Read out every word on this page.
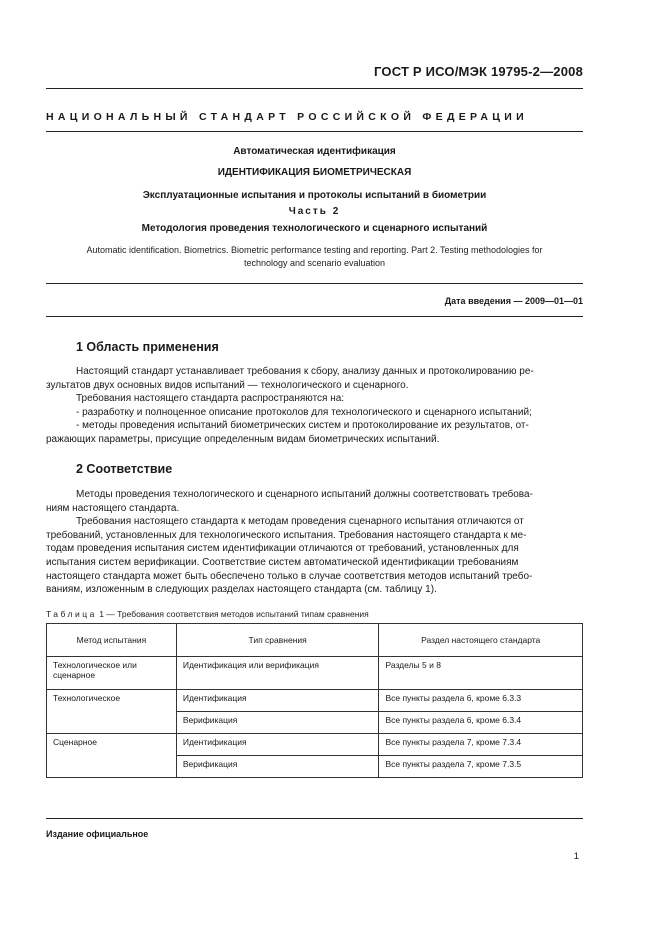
ГОСТ Р ИСО/МЭК 19795-2—2008
НАЦИОНАЛЬНЫЙ СТАНДАРТ РОССИЙСКОЙ ФЕДЕРАЦИИ
Автоматическая идентификация
ИДЕНТИФИКАЦИЯ БИОМЕТРИЧЕСКАЯ
Эксплуатационные испытания и протоколы испытаний в биометрии
Часть 2
Методология проведения технологического и сценарного испытаний
Automatic identification. Biometrics. Biometric performance testing and reporting. Part 2. Testing methodologies for
technology and scenario evaluation
Дата введения — 2009—01—01
1 Область применения
Настоящий стандарт устанавливает требования к сбору, анализу данных и протоколированию ре-
зультатов двух основных видов испытаний — технологического и сценарного.
Требования настоящего стандарта распространяются на:
- разработку и полноценное описание протоколов для технологического и сценарного испытаний;
- методы проведения испытаний биометрических систем и протоколирование их результатов, от-
ражающих параметры, присущие определенным видам биометрических испытаний.
2 Соответствие
Методы проведения технологического и сценарного испытаний должны соответствовать требова-
ниям настоящего стандарта.
Требования настоящего стандарта к методам проведения сценарного испытания отличаются от
требований, установленных для технологического испытания. Требования настоящего стандарта к ме-
тодам проведения испытания систем идентификации отличаются от требований, установленных для
испытания систем верификации. Соответствие систем автоматической идентификации требованиям
настоящего стандарта может быть обеспечено только в случае соответствия методов испытаний требо-
ваниям, изложенным в следующих разделах настоящего стандарта (см. таблицу 1).
Таблица 1 — Требования соответствия методов испытаний типам сравнения
Метод испытания	Тип сравнения	Раздел настоящего стандарта
Технологическое или сценарное	Идентификация или верификация	Разделы 5 и 8
Технологическое	Идентификация	Все пункты раздела 6, кроме 6.3.3
	Верификация	Все пункты раздела 6, кроме 6.3.4
Сценарное	Идентификация	Все пункты раздела 7, кроме 7.3.4
	Верификация	Все пункты раздела 7, кроме 7.3.5
Издание официальное
1
